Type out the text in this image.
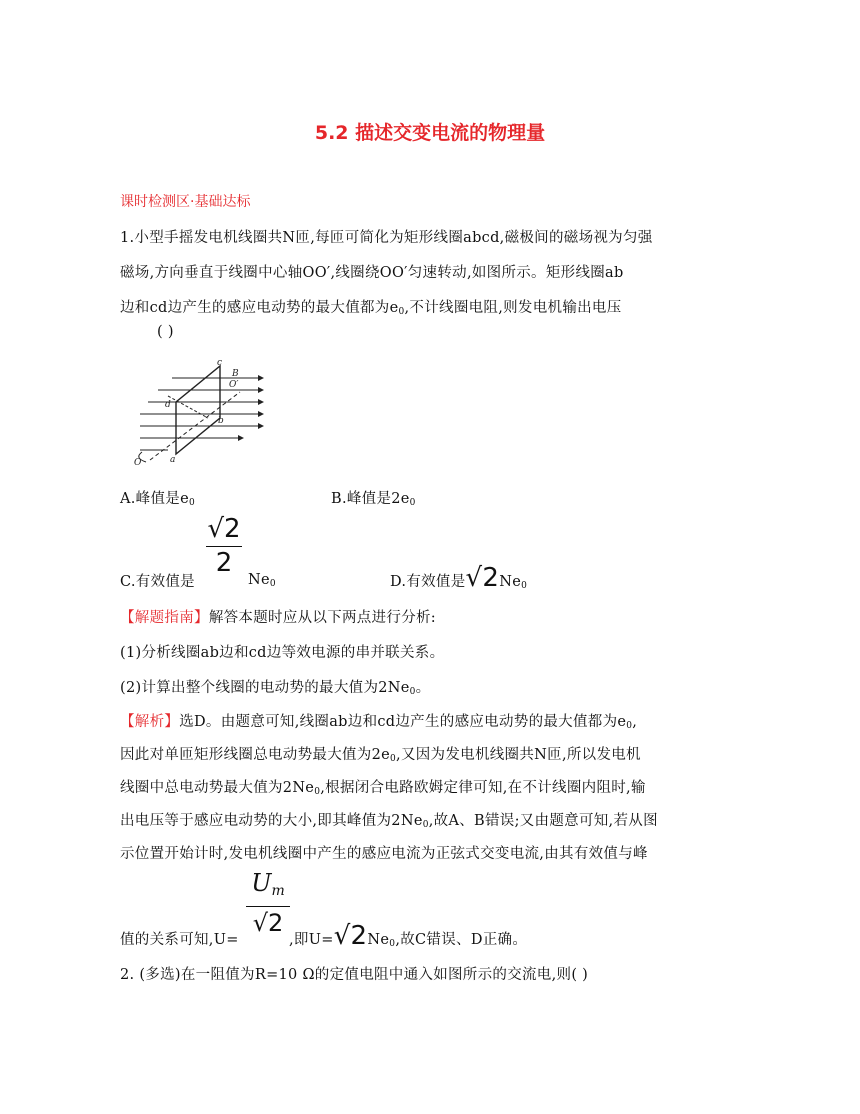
5.2 描述交变电流的物理量
课时检测区·基础达标
1.小型手摇发电机线圈共N匝,每匝可简化为矩形线圈abcd,磁极间的磁场视为匀强
磁场,方向垂直于线圈中心轴OO′,线圈绕OO′匀速转动,如图所示。矩形线圈ab
边和cd边产生的感应电动势的最大值都为$e_0$,不计线圈电阻,则发电机输出电压
( )
c
B
O′
d
b
O	a
A.峰值是$e_0$	B.峰值是$2e_0$
C.有效值是
√2
2
$Ne_0$	D.有效值是$√2Ne_0$
【解题指南】解答本题时应从以下两点进行分析:
(1)分析线圈ab边和cd边等效电源的串并联关系。
(2)计算出整个线圈的电动势的最大值为$2Ne_0$。
【解析】选D。由题意可知,线圈ab边和cd边产生的感应电动势的最大值都为$e_0$,
因此对单匝矩形线圈总电动势最大值为$2e_0$,又因为发电机线圈共N匝,所以发电机
线圈中总电动势最大值为$2Ne_0$,根据闭合电路欧姆定律可知,在不计线圈内阻时,输
出电压等于感应电动势的大小,即其峰值为$2Ne_0$,故A、B错误;又由题意可知,若从图
示位置开始计时,发电机线圈中产生的感应电流为正弦式交变电流,由其有效值与峰
值的关系可知,U=
$U_m$
√2
,即$U=√2Ne_0$,故C错误、D正确。
2. (多选)在一阻值为R=10 Ω的定值电阻中通入如图所示的交流电,则( )
